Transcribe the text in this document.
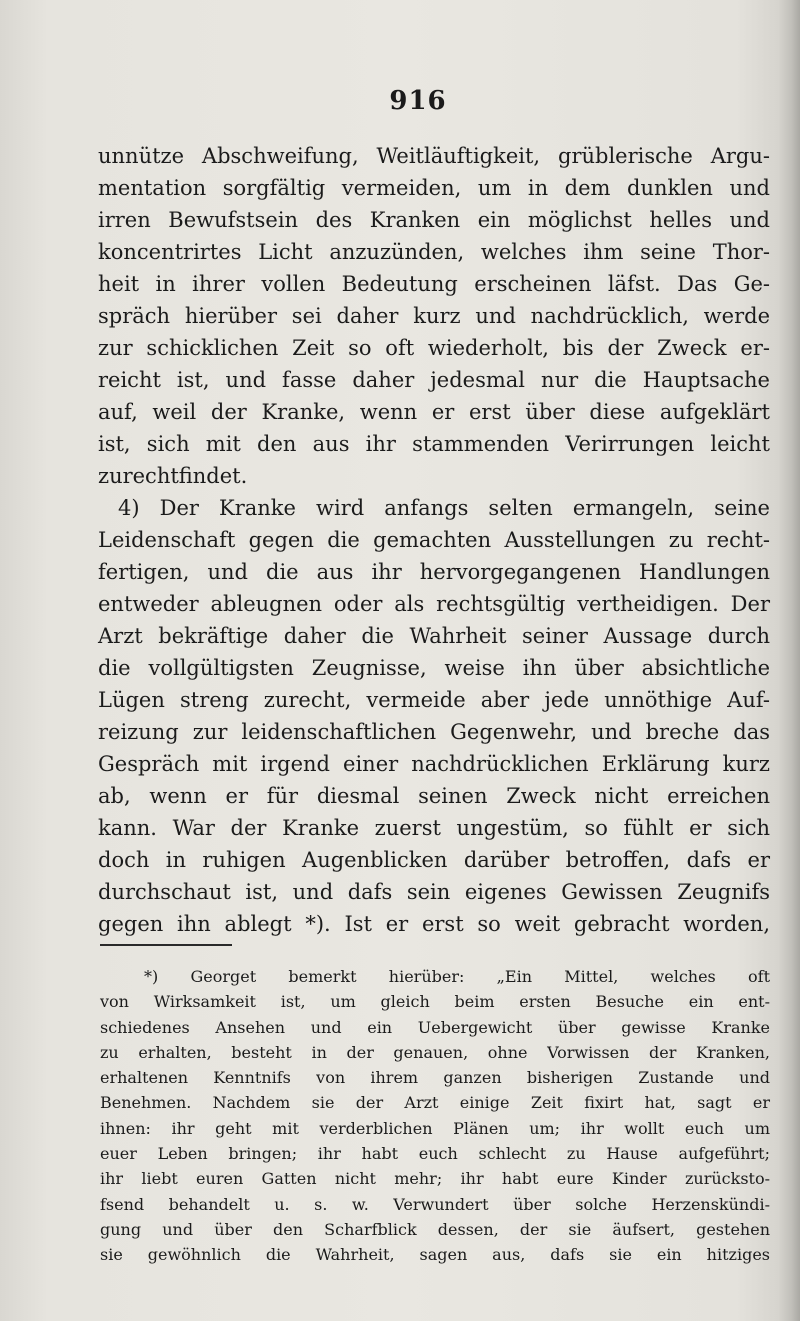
916
unnütze Abschweifung, Weitläuftigkeit, grüblerische Argu-
mentation sorgfältig vermeiden, um in dem dunklen und
irren Bewufstsein des Kranken ein möglichst helles und
koncentrirtes Licht anzuzünden, welches ihm seine Thor-
heit in ihrer vollen Bedeutung erscheinen läfst. Das Ge-
spräch hierüber sei daher kurz und nachdrücklich, werde
zur schicklichen Zeit so oft wiederholt, bis der Zweck er-
reicht ist, und fasse daher jedesmal nur die Hauptsache
auf, weil der Kranke, wenn er erst über diese aufgeklärt
ist, sich mit den aus ihr stammenden Verirrungen leicht
zurechtfindet.
4) Der Kranke wird anfangs selten ermangeln, seine
Leidenschaft gegen die gemachten Ausstellungen zu recht-
fertigen, und die aus ihr hervorgegangenen Handlungen
entweder ableugnen oder als rechtsgültig vertheidigen. Der
Arzt bekräftige daher die Wahrheit seiner Aussage durch
die vollgültigsten Zeugnisse, weise ihn über absichtliche
Lügen streng zurecht, vermeide aber jede unnöthige Auf-
reizung zur leidenschaftlichen Gegenwehr, und breche das
Gespräch mit irgend einer nachdrücklichen Erklärung kurz
ab, wenn er für diesmal seinen Zweck nicht erreichen
kann. War der Kranke zuerst ungestüm, so fühlt er sich
doch in ruhigen Augenblicken darüber betroffen, dafs er
durchschaut ist, und dafs sein eigenes Gewissen Zeugnifs
gegen ihn ablegt *). Ist er erst so weit gebracht worden,
*) Georget bemerkt hierüber: „Ein Mittel, welches oft
von Wirksamkeit ist, um gleich beim ersten Besuche ein ent-
schiedenes Ansehen und ein Uebergewicht über gewisse Kranke
zu erhalten, besteht in der genauen, ohne Vorwissen der Kranken,
erhaltenen Kenntnifs von ihrem ganzen bisherigen Zustande und
Benehmen. Nachdem sie der Arzt einige Zeit fixirt hat, sagt er
ihnen: ihr geht mit verderblichen Plänen um; ihr wollt euch um
euer Leben bringen; ihr habt euch schlecht zu Hause aufgeführt;
ihr liebt euren Gatten nicht mehr; ihr habt eure Kinder zurücksto-
fsend behandelt u. s. w. Verwundert über solche Herzenskündi-
gung und über den Scharfblick dessen, der sie äufsert, gestehen
sie gewöhnlich die Wahrheit, sagen aus, dafs sie ein hitziges
